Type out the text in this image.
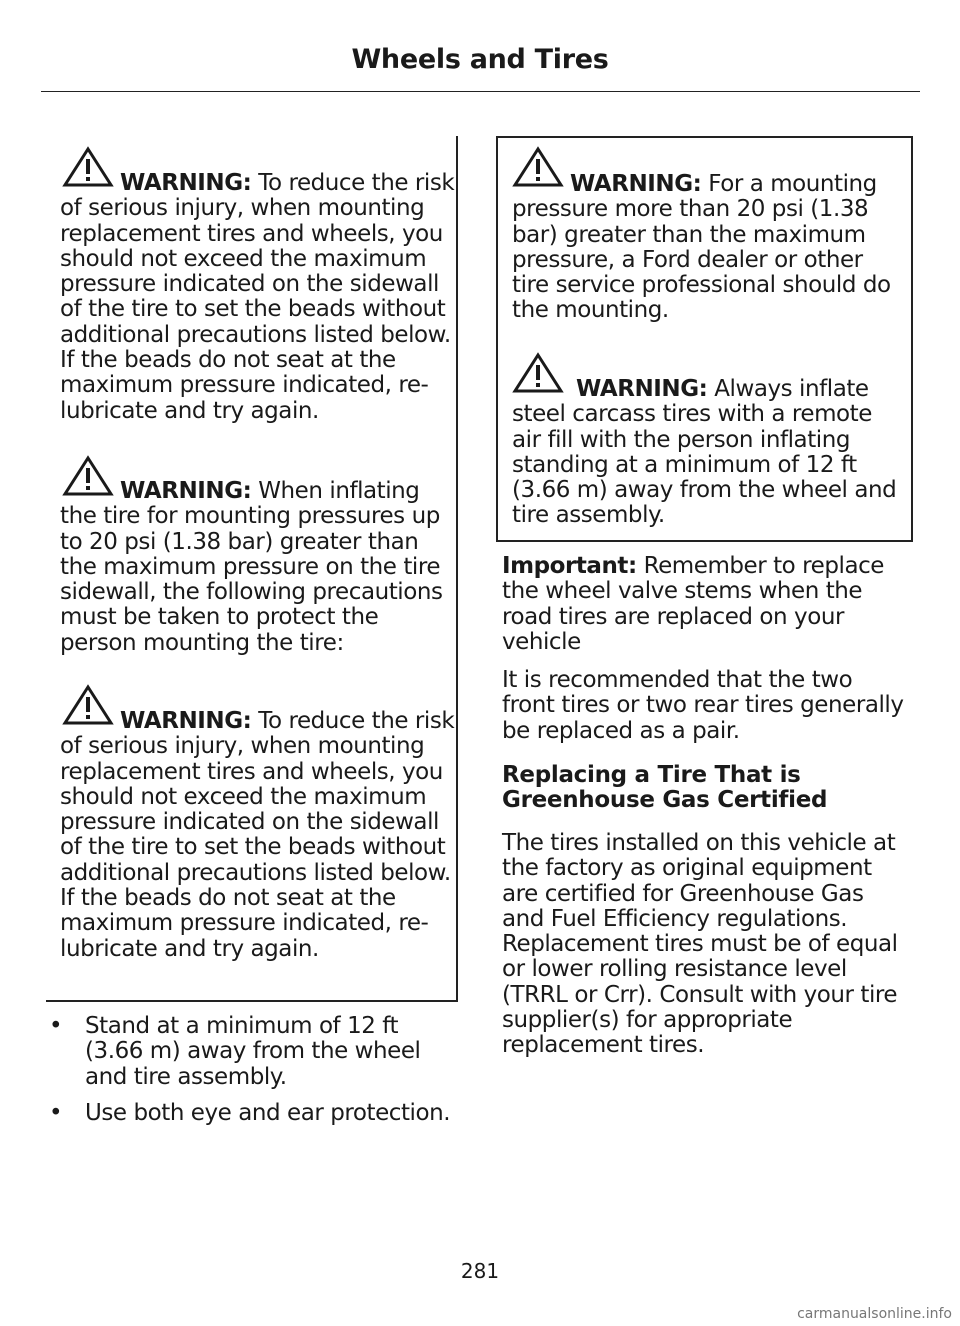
Wheels and Tires
WARNING: To reduce the risk of serious injury, when mounting replacement tires and wheels, you should not exceed the maximum pressure indicated on the sidewall of the tire to set the beads without additional precautions listed below. If the beads do not seat at the maximum pressure indicated, re-lubricate and try again.
WARNING: When inflating the tire for mounting pressures up to 20 psi (1.38 bar) greater than the maximum pressure on the tire sidewall, the following precautions must be taken to protect the person mounting the tire:
WARNING: To reduce the risk of serious injury, when mounting replacement tires and wheels, you should not exceed the maximum pressure indicated on the sidewall of the tire to set the beads without additional precautions listed below. If the beads do not seat at the maximum pressure indicated, re-lubricate and try again.
• Stand at a minimum of 12 ft (3.66 m) away from the wheel and tire assembly.
• Use both eye and ear protection.
WARNING: For a mounting pressure more than 20 psi (1.38 bar) greater than the maximum pressure, a Ford dealer or other tire service professional should do the mounting.
WARNING: Always inflate steel carcass tires with a remote air fill with the person inflating standing at a minimum of 12 ft (3.66 m) away from the wheel and tire assembly.
Important: Remember to replace the wheel valve stems when the road tires are replaced on your vehicle
It is recommended that the two front tires or two rear tires generally be replaced as a pair.
Replacing a Tire That is Greenhouse Gas Certified
The tires installed on this vehicle at the factory as original equipment are certified for Greenhouse Gas and Fuel Efficiency regulations. Replacement tires must be of equal or lower rolling resistance level (TRRL or Crr). Consult with your tire supplier(s) for appropriate replacement tires.
281
carmanualsonline.info
